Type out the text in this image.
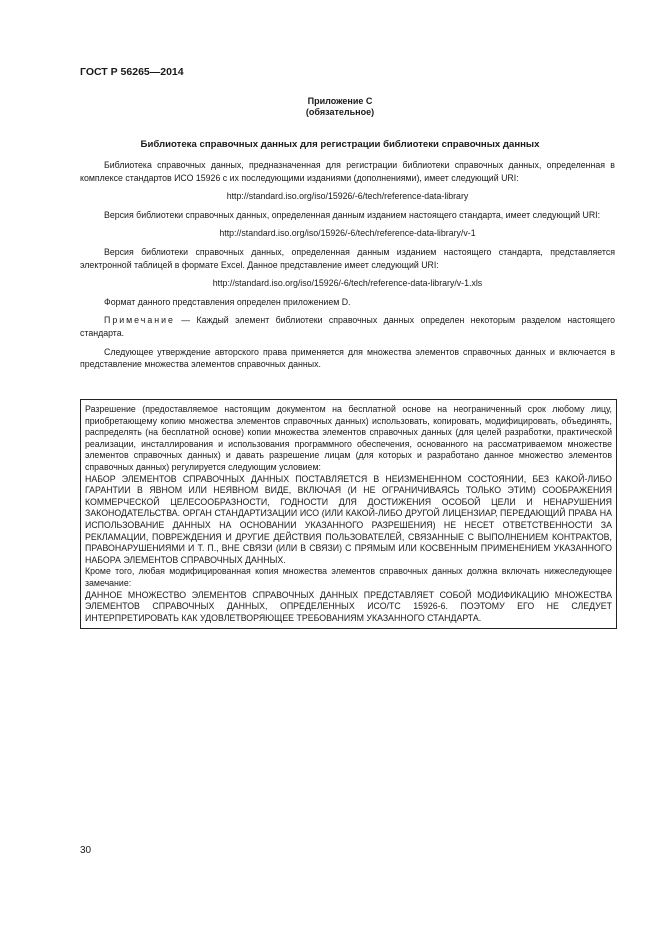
ГОСТ Р 56265—2014
Приложение С
(обязательное)
Библиотека справочных данных для регистрации библиотеки справочных данных

Библиотека справочных данных, предназначенная для регистрации библиотеки справочных данных, определенная в комплексе стандартов ИСО 15926 с их последующими изданиями (дополнениями), имеет следующий URI:

http://standard.iso.org/iso/15926/-6/tech/reference-data-library

Версия библиотеки справочных данных, определенная данным изданием настоящего стандарта, имеет следующий URI:

http://standard.iso.org/iso/15926/-6/tech/reference-data-library/v-1

Версия библиотеки справочных данных, определенная данным изданием настоящего стандарта, представляется электронной таблицей в формате Excel. Данное представление имеет следующий URI:

http://standard.iso.org/iso/15926/-6/tech/reference-data-library/v-1.xls

Формат данного представления определен приложением D.

Примечание — Каждый элемент библиотеки справочных данных определен некоторым разделом настоящего стандарта.

Следующее утверждение авторского права применяется для множества элементов справочных данных и включается в представление множества элементов справочных данных.

Разрешение (предоставляемое настоящим документом на бесплатной основе на неограниченный срок любому лицу, приобретающему копию множества элементов справочных данных) использовать, копировать, модифицировать, объединять, распределять (на бесплатной основе) копии множества элементов справочных данных (для целей разработки, практической реализации, инсталлирования и использования программного обеспечения, основанного на рассматриваемом множестве элементов справочных данных) и давать разрешение лицам (для которых и разработано данное множество элементов справочных данных) регулируется следующим условием:

НАБОР ЭЛЕМЕНТОВ СПРАВОЧНЫХ ДАННЫХ ПОСТАВЛЯЕТСЯ В НЕИЗМЕНЕННОМ СОСТОЯНИИ, БЕЗ КАКОЙ-ЛИБО ГАРАНТИИ В ЯВНОМ ИЛИ НЕЯВНОМ ВИДЕ, ВКЛЮЧАЯ (И НЕ ОГРАНИЧИВАЯСЬ ТОЛЬКО ЭТИМ) СООБРАЖЕНИЯ КОММЕРЧЕСКОЙ ЦЕЛЕСООБРАЗНОСТИ, ГОДНОСТИ ДЛЯ ДОСТИЖЕНИЯ ОСОБОЙ ЦЕЛИ И НЕНАРУШЕНИЯ ЗАКОНОДАТЕЛЬСТВА. ОРГАН СТАНДАРТИЗАЦИИ ИСО (ИЛИ КАКОЙ-ЛИБО ДРУГОЙ ЛИЦЕНЗИАР, ПЕРЕДАЮЩИЙ ПРАВА НА ИСПОЛЬЗОВАНИЕ ДАННЫХ НА ОСНОВАНИИ УКАЗАННОГО РАЗРЕШЕНИЯ) НЕ НЕСЕТ ОТВЕТСТВЕННОСТИ ЗА РЕКЛАМАЦИИ, ПОВРЕЖДЕНИЯ И ДРУГИЕ ДЕЙСТВИЯ ПОЛЬЗОВАТЕЛЕЙ, СВЯЗАННЫЕ С ВЫПОЛНЕНИЕМ КОНТРАКТОВ, ПРАВОНАРУШЕНИЯМИ И Т. П., ВНЕ СВЯЗИ (ИЛИ В СВЯЗИ) С ПРЯМЫМ ИЛИ КОСВЕННЫМ ПРИМЕНЕНИЕМ УКАЗАННОГО НАБОРА ЭЛЕМЕНТОВ СПРАВОЧНЫХ ДАННЫХ.

Кроме того, любая модифицированная копия множества элементов справочных данных должна включать нижеследующее замечание:

ДАННОЕ МНОЖЕСТВО ЭЛЕМЕНТОВ СПРАВОЧНЫХ ДАННЫХ ПРЕДСТАВЛЯЕТ СОБОЙ МОДИФИКАЦИЮ МНОЖЕСТВА ЭЛЕМЕНТОВ СПРАВОЧНЫХ ДАННЫХ, ОПРЕДЕЛЕННЫХ ИСО/ТС 15926-6. ПОЭТОМУ ЕГО НЕ СЛЕДУЕТ ИНТЕРПРЕТИРОВАТЬ КАК УДОВЛЕТВОРЯЮЩЕЕ ТРЕБОВАНИЯМ УКАЗАННОГО СТАНДАРТА.

30
